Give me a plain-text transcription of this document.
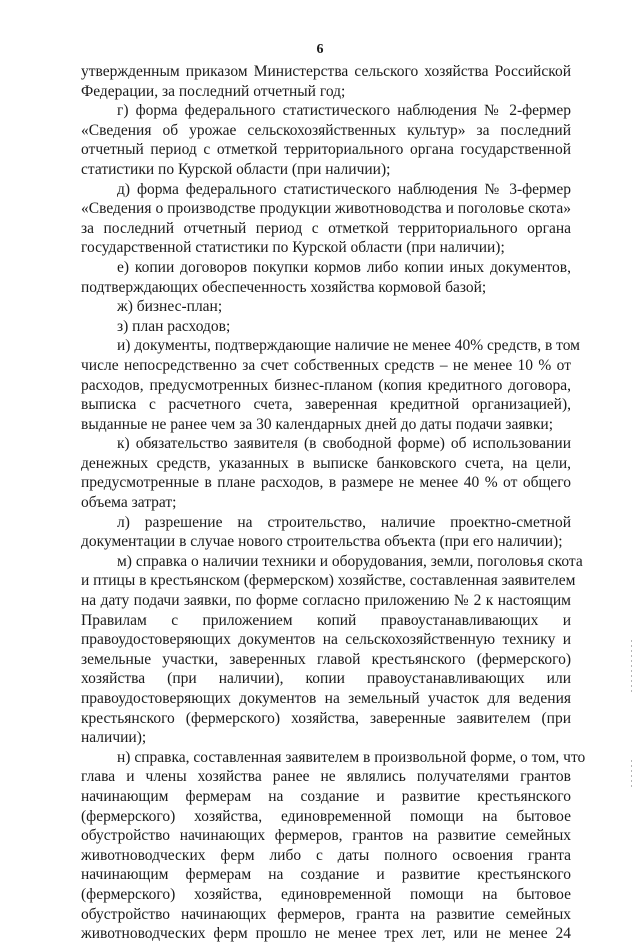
6
утвержденным приказом Министерства сельского хозяйства Российской
Федерации, за последний отчетный год;
г) форма федерального статистического наблюдения № 2-фермер
«Сведения об урожае сельскохозяйственных культур» за последний
отчетный период с отметкой территориального органа государственной
статистики по Курской области (при наличии);
д) форма федерального статистического наблюдения № 3-фермер
«Сведения о производстве продукции животноводства и поголовье скота»
за последний отчетный период с отметкой территориального органа
государственной статистики по Курской области (при наличии);
е) копии договоров покупки кормов либо копии иных документов,
подтверждающих обеспеченность хозяйства кормовой базой;
ж) бизнес-план;
з) план расходов;
и) документы, подтверждающие наличие не менее 40% средств, в том
числе непосредственно за счет собственных средств – не менее 10 % от
расходов, предусмотренных бизнес-планом (копия кредитного договора,
выписка с расчетного счета, заверенная кредитной организацией),
выданные не ранее чем за 30 календарных дней до даты подачи заявки;
к) обязательство заявителя (в свободной форме) об использовании
денежных средств, указанных в выписке банковского счета, на цели,
предусмотренные в плане расходов, в размере не менее 40 % от общего
объема затрат;
л) разрешение на строительство, наличие проектно-сметной
документации в случае нового строительства объекта (при его наличии);
м) справка о наличии техники и оборудования, земли, поголовья скота
и птицы в крестьянском (фермерском) хозяйстве, составленная заявителем
на дату подачи заявки, по форме согласно приложению № 2 к настоящим
Правилам с приложением копий правоустанавливающих и
правоудостоверяющих документов на сельскохозяйственную технику и
земельные участки, заверенных главой крестьянского (фермерского)
хозяйства (при наличии), копии правоустанавливающих или
правоудостоверяющих документов на земельный участок для ведения
крестьянского (фермерского) хозяйства, заверенные заявителем (при
наличии);
н) справка, составленная заявителем в произвольной форме, о том, что
глава и члены хозяйства ранее не являлись получателями грантов
начинающим фермерам на создание и развитие крестьянского
(фермерского) хозяйства, единовременной помощи на бытовое
обустройство начинающих фермеров, грантов на развитие семейных
животноводческих ферм либо с даты полного освоения гранта
начинающим фермерам на создание и развитие крестьянского
(фермерского) хозяйства, единовременной помощи на бытовое
обустройство начинающих фермеров, гранта на развитие семейных
животноводческих ферм прошло не менее трех лет, или не менее 24
